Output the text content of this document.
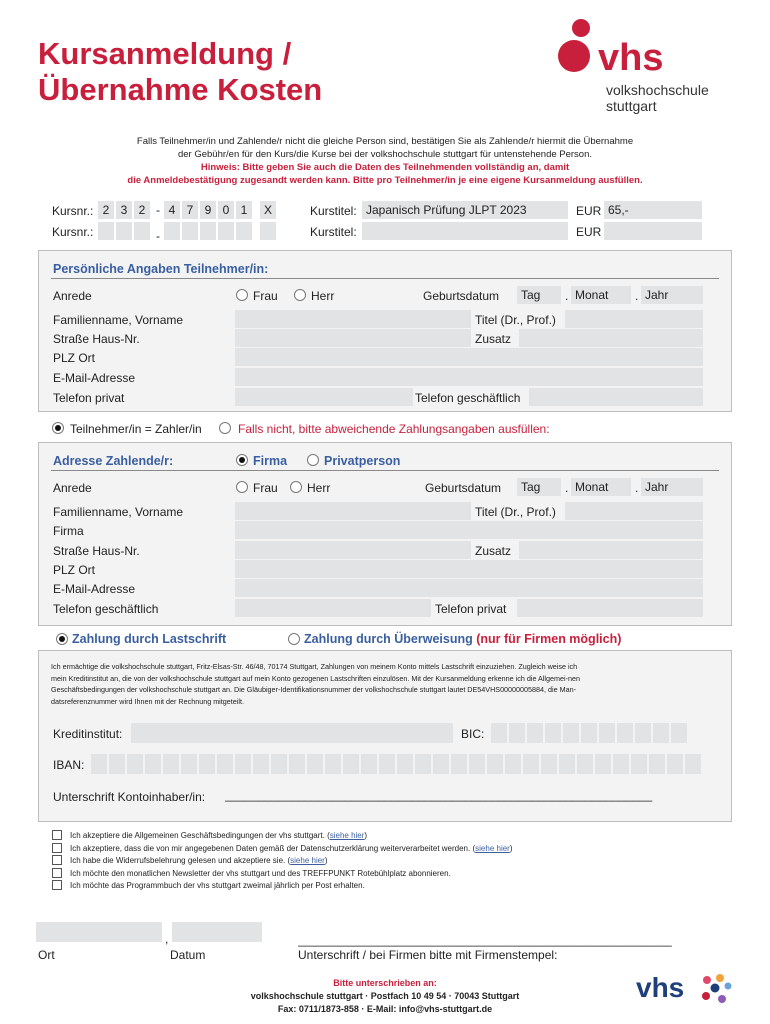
Kursanmeldung /
Übernahme Kosten
vhs
volkshochschule
stuttgart
Falls Teilnehmer/in und Zahlende/r nicht die gleiche Person sind, bestätigen Sie als Zahlende/r hiermit die Übernahme
der Gebühr/en für den Kurs/die Kurse bei der volkshochschule stuttgart für untenstehende Person.
Hinweis: Bitte geben Sie auch die Daten des Teilnehmenden vollständig an, damit
die Anmeldebestätigung zugesandt werden kann. Bitte pro Teilnehmer/in je eine eigene Kursanmeldung ausfüllen.
Kursnr.: 2 3 2 - 4 7 9 0 1 X	Kurstitel: Japanisch Prüfung JLPT 2023	EUR 65,-
Kursnr.:	-	Kurstitel:	EUR
Persönliche Angaben Teilnehmer/in:
Anrede	Frau	Herr	Geburtsdatum	Tag	. Monat	. Jahr
Familienname, Vorname	Titel (Dr., Prof.)
Straße Haus-Nr.	Zusatz
PLZ Ort
E-Mail-Adresse
Telefon privat	Telefon geschäftlich
Teilnehmer/in = Zahler/in	Falls nicht, bitte abweichende Zahlungsangaben ausfüllen:
Adresse Zahlende/r:	Firma	Privatperson
Anrede	Frau Herr	Geburtsdatum	Tag	. Monat	. Jahr
Familienname, Vorname	Titel (Dr., Prof.)
Firma
Straße Haus-Nr.	Zusatz
PLZ Ort
E-Mail-Adresse
Telefon geschäftlich	Telefon privat
Zahlung durch Lastschrift	Zahlung durch Überweisung (nur für Firmen möglich)
Ich ermächtige die volkshochschule stuttgart, Fritz-Elsas-Str. 46/48, 70174 Stuttgart, Zahlungen von meinem Konto mittels Lastschrift einzuziehen. Zugleich weise ich
mein Kreditinstitut an, die von der volkshochschule stuttgart auf mein Konto gezogenen Lastschriften einzulösen. Mit der Kursanmeldung erkenne ich die Allgemei-nen
Geschäftsbedingungen der volkshochschule stuttgart an. Die Gläubiger-Identifikationsnummer der volkshochschule stuttgart lautet DE54VHS00000005884, die Man-
datsreferenznummer wird Ihnen mit der Rechnung mitgeteilt.
Kreditinstitut:	BIC:
IBAN:
Unterschrift Kontoinhaber/in: ________________________________________________________________
Ich akzeptiere die Allgemeinen Geschäftsbedingungen der vhs stuttgart. (siehe hier)
Ich akzeptiere, dass die von mir angegebenen Daten gemäß der Datenschutzerklärung weiterverarbeitet werden. (siehe hier)
Ich habe die Widerrufsbelehrung gelesen und akzeptiere sie. (siehe hier)
Ich möchte den monatlichen Newsletter der vhs stuttgart und des TREFFPUNKT Rotebühlplatz abonnieren.
Ich möchte das Programmbuch der vhs stuttgart zweimal jährlich per Post erhalten.
,
Ort	Datum
________________________________________________________
Unterschrift / bei Firmen bitte mit Firmenstempel:
Bitte unterschrieben an:
volkshochschule stuttgart · Postfach 10 49 54 · 70043 Stuttgart
Fax: 0711/1873-858 · E-Mail: info@vhs-stuttgart.de
vhs
